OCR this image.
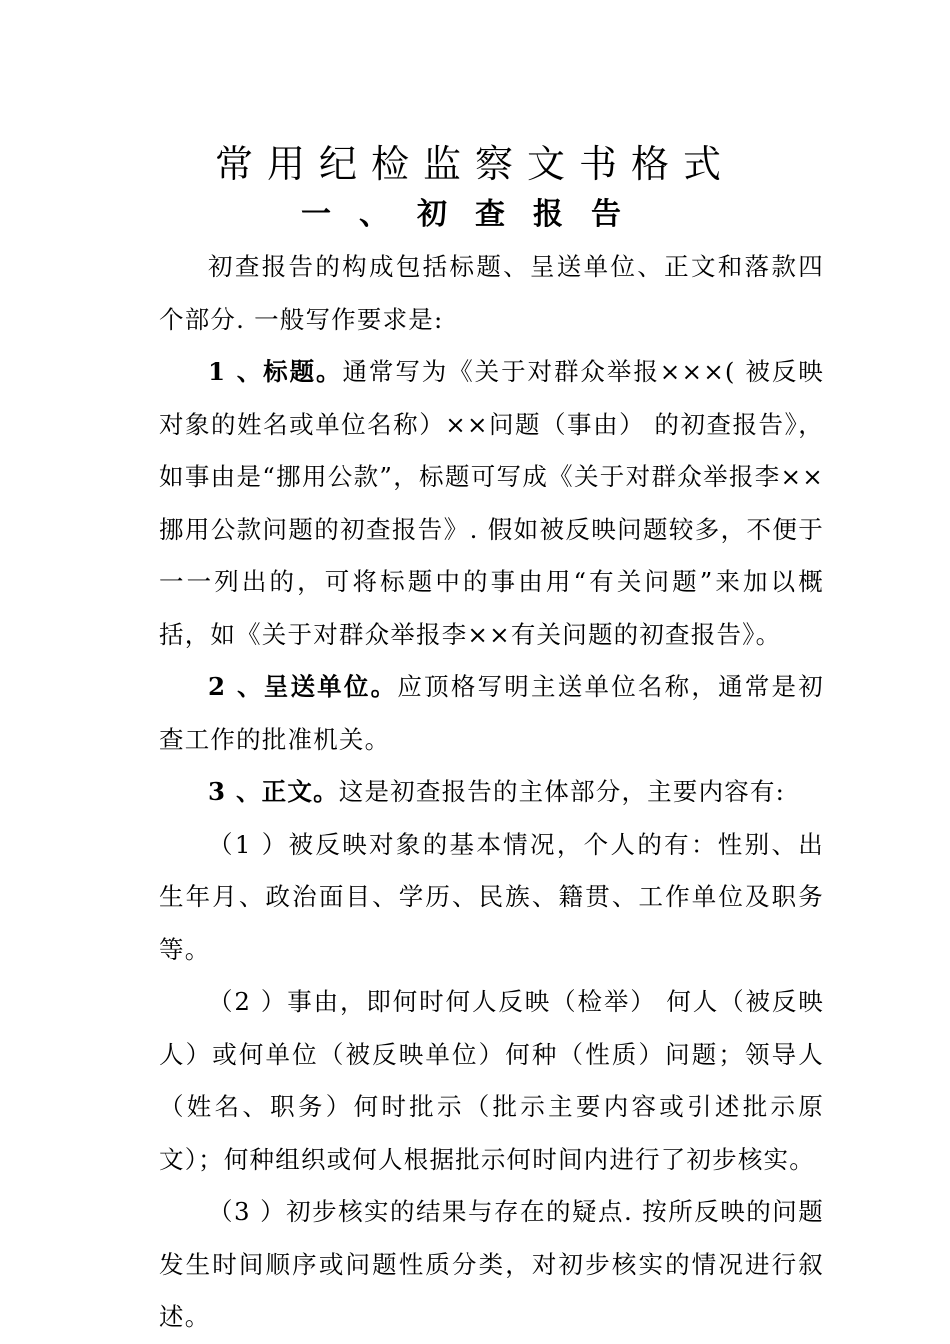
常用纪检监察文书格式
一、初查报告

初查报告的构成包括标题、呈送单位、正文和落款四个部分. 一般写作要求是:

1 、标题。通常写为《关于对群众举报×××( 被反映对象的姓名或单位名称）××问题（事由） 的初查报告》，如事由是“挪用公款”，标题可写成《关于对群众举报李××挪用公款问题的初查报告》. 假如被反映问题较多，不便于一一列出的，可将标题中的事由用“有关问题”来加以概括，如《关于对群众举报李××有关问题的初查报告》。

2 、呈送单位。应顶格写明主送单位名称，通常是初查工作的批准机关。

3 、正文。这是初查报告的主体部分，主要内容有:

（1 ）被反映对象的基本情况，个人的有：性别、出生年月、政治面目、学历、民族、籍贯、工作单位及职务等。

（2 ）事由，即何时何人反映（检举） 何人（被反映人）或何单位（被反映单位）何种（性质）问题；领导人（姓名、职务）何时批示（批示主要内容或引述批示原文）；何种组织或何人根据批示何时间内进行了初步核实。

（3 ）初步核实的结果与存在的疑点. 按所反映的问题发生时间顺序或问题性质分类，对初步核实的情况进行叙述。
